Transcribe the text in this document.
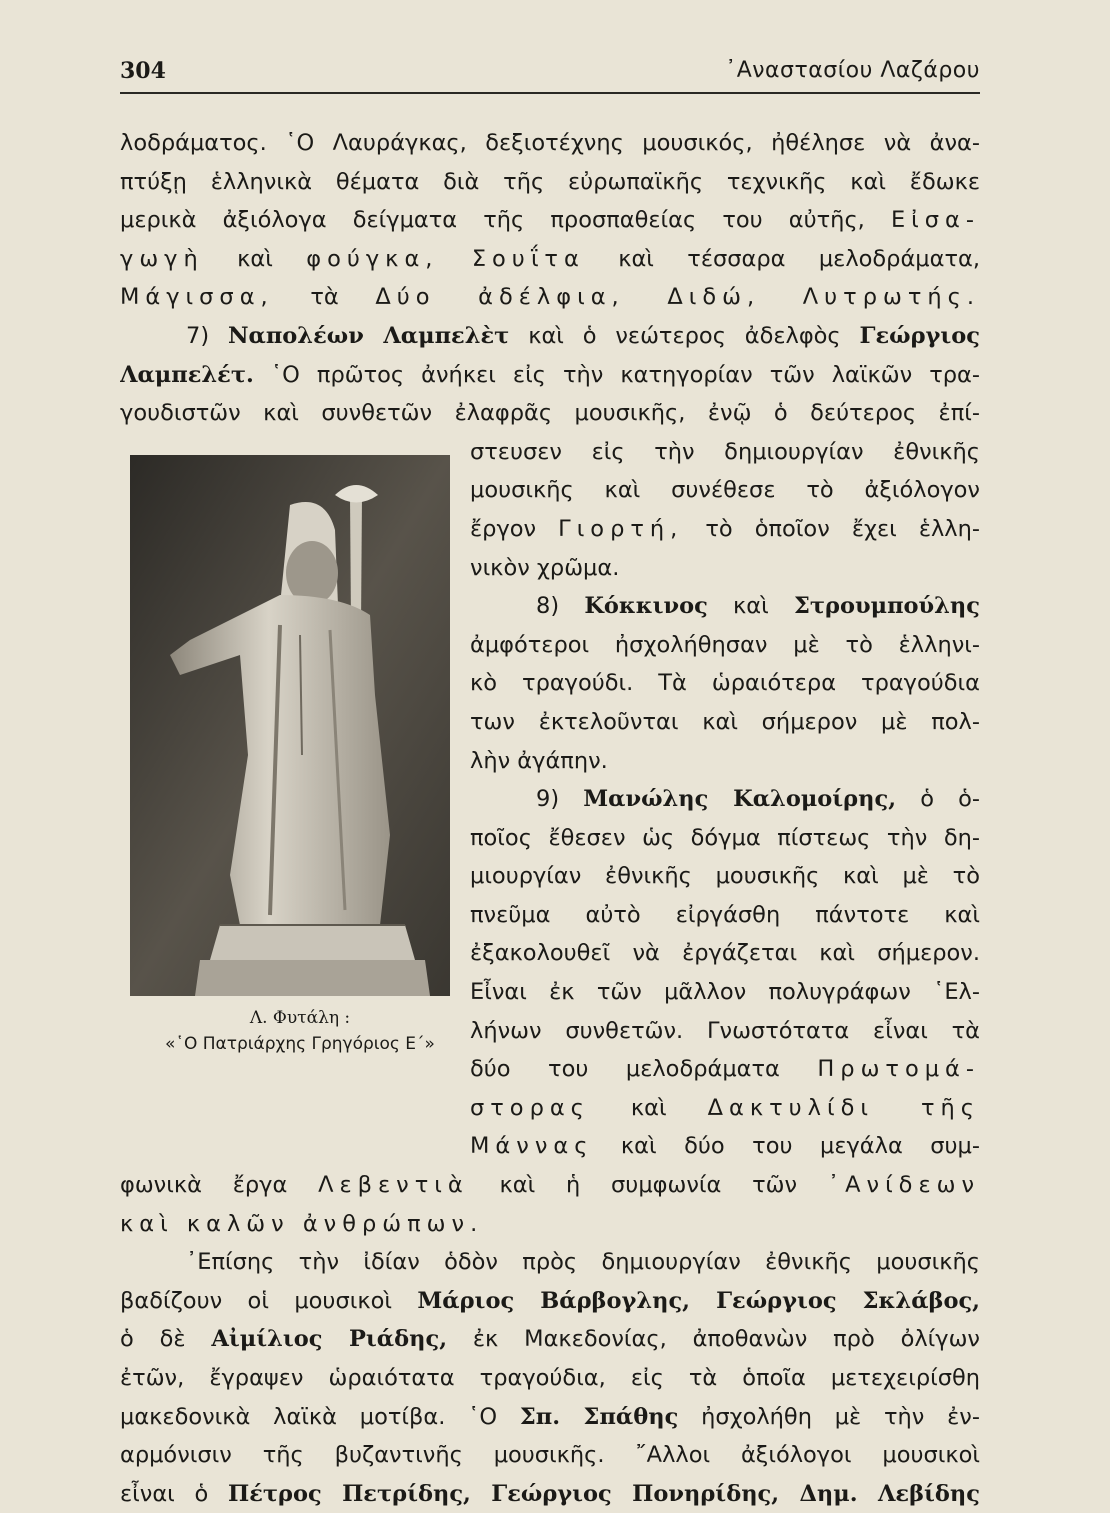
304	᾿Αναστασίου Λαζάρου
λοδράματος. ῾Ο Λαυράγκας, δεξιοτέχνης μουσικός, ἠθέλησε νὰ ἀνα-
πτύξῃ ἑλληνικὰ θέματα διὰ τῆς εὐρωπαϊκῆς τεχνικῆς καὶ ἔδωκε
μερικὰ ἀξιόλογα δείγματα τῆς προσπαθείας του αὐτῆς, Εἰσα-
γωγὴ καὶ φούγκα, Σουΐτα καὶ τέσσαρα μελοδράματα,
Μάγισσα, τὰ Δύο ἀδέλφια, Διδώ, Λυτρωτής.
7) Ναπολέων Λαμπελὲτ καὶ ὁ νεώτερος ἀδελφὸς Γεώργιος
Λαμπελέτ. ῾Ο πρῶτος ἀνήκει εἰς τὴν κατηγορίαν τῶν λαϊκῶν τρα-
γουδιστῶν καὶ συνθετῶν ἐλαφρᾶς μουσικῆς, ἐνῷ ὁ δεύτερος ἐπί-
στευσεν εἰς τὴν δημιουργίαν ἐθνικῆς
μουσικῆς καὶ συνέθεσε τὸ ἀξιόλογον
ἔργον Γιορτή, τὸ ὁποῖον ἔχει ἑλλη-
νικὸν χρῶμα.
8) Κόκκινος καὶ Στρουμπούλης
ἀμφότεροι ἠσχολήθησαν μὲ τὸ ἑλληνι-
κὸ τραγούδι. Τὰ ὡραιότερα τραγούδια
των ἐκτελοῦνται καὶ σήμερον μὲ πολ-
λὴν ἀγάπην.
9) Μανώλης Καλομοίρης, ὁ ὁ-
ποῖος ἔθεσεν ὡς δόγμα πίστεως τὴν δη-
μιουργίαν ἐθνικῆς μουσικῆς καὶ μὲ τὸ
πνεῦμα αὐτὸ εἰργάσθη πάντοτε καὶ
ἐξακολουθεῖ νὰ ἐργάζεται καὶ σήμερον.
Εἶναι ἐκ τῶν μᾶλλον πολυγράφων ῾Ελ-
λήνων συνθετῶν. Γνωστότατα εἶναι τὰ
δύο του μελοδράματα Πρωτομά-
στορας καὶ Δακτυλίδι τῆς
Μάννας καὶ δύο του μεγάλα συμ-
φωνικὰ ἔργα Λεβεντιὰ καὶ ἡ συμφωνία τῶν ᾿Ανίδεων
καὶ καλῶν ἀνθρώπων.
᾿Επίσης τὴν ἰδίαν ὁδὸν πρὸς δημιουργίαν ἐθνικῆς μουσικῆς
βαδίζουν οἱ μουσικοὶ Μάριος Βάρβογλης, Γεώργιος Σκλάβος,
ὁ δὲ Αἰμίλιος Ριάδης, ἐκ Μακεδονίας, ἀποθανὼν πρὸ ὀλίγων
ἐτῶν, ἔγραψεν ὡραιότατα τραγούδια, εἰς τὰ ὁποῖα μετεχειρίσθη
μακεδονικὰ λαϊκὰ μοτίβα. ῾Ο Σπ. Σπάθης ἠσχολήθη μὲ τὴν ἐν-
αρμόνισιν τῆς βυζαντινῆς μουσικῆς. ῎Αλλοι ἀξιόλογοι μουσικοὶ
εἶναι ὁ Πέτρος Πετρίδης, Γεώργιος Πονηρίδης, Δημ. Λεβίδης
Λ. Φυτάλη :
«῾Ο Πατριάρχης Γρηγόριος Ε΄»
